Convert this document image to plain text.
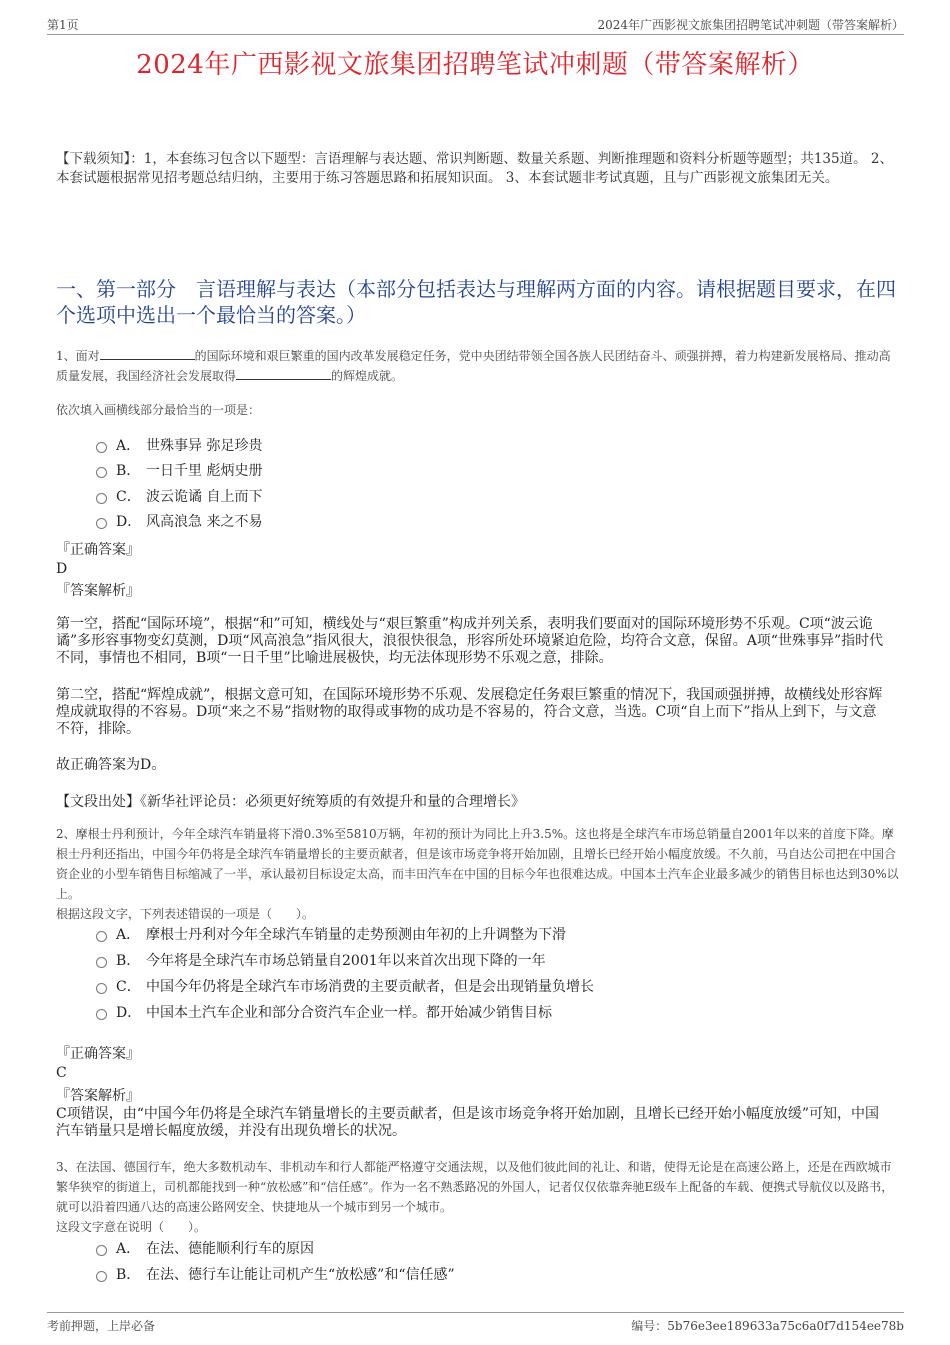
第1页	2024年广西影视文旅集团招聘笔试冲刺题（带答案解析）
2024年广西影视文旅集团招聘笔试冲刺题（带答案解析）
【下载须知】：1，本套练习包含以下题型：言语理解与表达题、常识判断题、数量关系题、判断推理题和资料分析题等题型；共135道。 2、本套试题根据常见招考题总结归纳，主要用于练习答题思路和拓展知识面。 3、本套试题非考试真题，且与广西影视文旅集团无关。
一、第一部分　言语理解与表达（本部分包括表达与理解两方面的内容。请根据题目要求，在四个选项中选出一个最恰当的答案。）
1、面对	的国际环境和艰巨繁重的国内改革发展稳定任务，党中央团结带领全国各族人民团结奋斗、顽强拼搏，着力构建新发展格局、推动高质量发展，我国经济社会发展取得	的辉煌成就。
依次填入画横线部分最恰当的一项是：
A． 世殊事异 弥足珍贵
B． 一日千里 彪炳史册
C． 波云诡谲 自上而下
D． 风高浪急 来之不易
『正确答案』
D
『答案解析』
第一空，搭配“国际环境”，根据“和”可知，横线处与“艰巨繁重”构成并列关系，表明我们要面对的国际环境形势不乐观。C项“波云诡谲”多形容事物变幻莫测，D项“风高浪急”指风很大，浪很快很急，形容所处环境紧迫危险，均符合文意，保留。A项“世殊事异”指时代不同，事情也不相同，B项“一日千里”比喻进展极快，均无法体现形势不乐观之意，排除。
第二空，搭配“辉煌成就”，根据文意可知，在国际环境形势不乐观、发展稳定任务艰巨繁重的情况下，我国顽强拼搏，故横线处形容辉煌成就取得的不容易。D项“来之不易”指财物的取得或事物的成功是不容易的，符合文意，当选。C项“自上而下”指从上到下，与文意不符，排除。
故正确答案为D。
【文段出处】《新华社评论员：必须更好统筹质的有效提升和量的合理增长》
2、摩根士丹利预计，今年全球汽车销量将下滑0.3%至5810万辆，年初的预计为同比上升3.5%。这也将是全球汽车市场总销量自2001年以来的首度下降。摩根士丹利还指出，中国今年仍将是全球汽车销量增长的主要贡献者，但是该市场竞争将开始加剧，且增长已经开始小幅度放缓。不久前，马自达公司把在中国合资企业的小型车销售目标缩减了一半，承认最初目标设定太高，而丰田汽车在中国的目标今年也很难达成。中国本土汽车企业最多减少的销售目标也达到30%以上。
根据这段文字，下列表述错误的一项是（　　）。
A． 摩根士丹利对今年全球汽车销量的走势预测由年初的上升调整为下滑
B． 今年将是全球汽车市场总销量自2001年以来首次出现下降的一年
C． 中国今年仍将是全球汽车市场消费的主要贡献者，但是会出现销量负增长
D． 中国本土汽车企业和部分合资汽车企业一样。都开始减少销售目标
『正确答案』
C
『答案解析』
C项错误，由“中国今年仍将是全球汽车销量增长的主要贡献者，但是该市场竞争将开始加剧，且增长已经开始小幅度放缓”可知，中国汽车销量只是增长幅度放缓，并没有出现负增长的状况。
3、在法国、德国行车，绝大多数机动车、非机动车和行人都能严格遵守交通法规，以及他们彼此间的礼让、和谐，使得无论是在高速公路上，还是在西欧城市繁华狭窄的街道上，司机都能找到一种“放松感”和“信任感”。作为一名不熟悉路况的外国人，记者仅仅依靠奔驰E级车上配备的车载、便携式导航仪以及路书，就可以沿着四通八达的高速公路网安全、快捷地从一个城市到另一个城市。
这段文字意在说明（　　）。
A． 在法、德能顺利行车的原因
B． 在法、德行车让能让司机产生“放松感”和“信任感”
考前押题，上岸必备	编号：5b76e3ee189633a75c6a0f7d154ee78b
